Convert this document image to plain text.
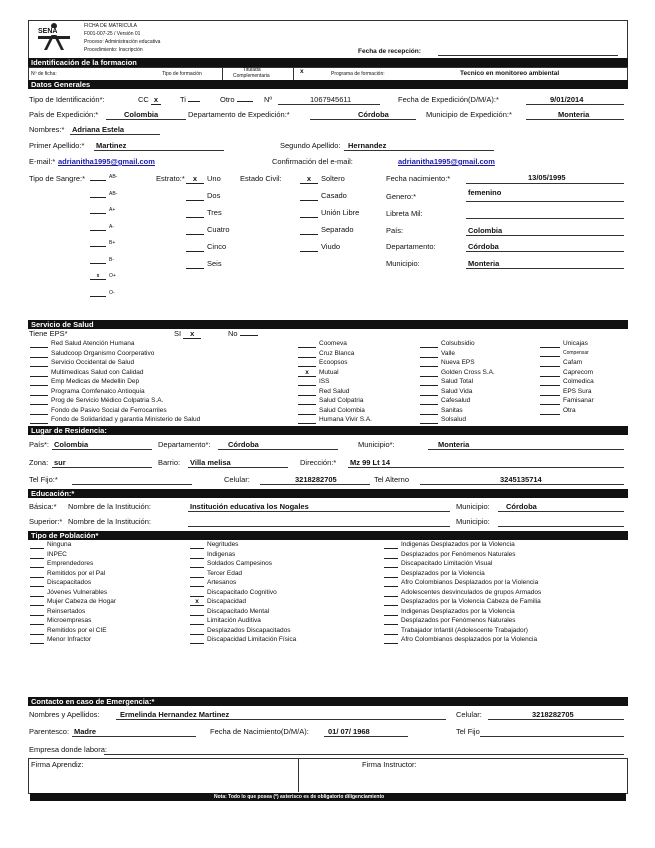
SENA
FICHA DE MATRICULA
F001-007-25 / Versión 01
Proceso: Administración educativa
Procedimiento: Inscripción	Fecha de recepción:
Identificación de la formacion
Nº de ficha:	Tipo de formación
Titulada
Complementaria
x	Programa de formación:	Tecnico en monitoreo ambiental
Datos Generales
Tipo de Identificación*:	CC x	Ti	Otro	Nº	1067945611	Fecha de Expedición(D/M/A):*	9/01/2014
País de Expedición:*	Colombia	Departamento de Expedición:*	Córdoba	Municipio de Expedición:*	Monteria
Nombres:* Adriana Estela
Primer Apellido:* Martinez	Segundo Apellido: Hernandez
E-mail:* adrianitha1995@gmail.com	Confirmación del e-mail:	adrianitha1995@gmail.com
Tipo de Sangre:*	Estrato:*	Estado Civil:	Fecha nacimiento:*	13/05/1995
Genero:*	femenino
Libreta Mil:
País:	Colombia
Departamento:	Córdoba
Municipio:	Monteria
Servicio de Salud
Tiene EPS*	SI x	No
Lugar de Residencia:
País*: Colombia	Departamento*: Córdoba	Municipio*:	Monteria
Zona: sur	Barrio: Villa melisa	Dirección:* Mz 99 Lt 14
Tel Fijo:*	Celular:	3218282705	Tel Alterno	3245135714
Educación:*
Básica:* Nombre de la Institución:	Institución educativa los Nogales	Municipio: Córdoba
Superior:* Nombre de la Institución:	Municipio:
Tipo de Población*
Contacto en caso de Emergencia:*
Nombres y Apellidos:	Ermelinda Hernandez Martinez	Celular:	3218282705
Parentesco: Madre	Fecha de Nacimiento(D/M/A):	01/ 07/ 1968	Tel Fijo
Empresa donde labora:
Firma Aprendiz:	Firma Instructor:
Nota: Todo lo que posea (*) asterisco es de obligatorio diligenciamiento
AB-
AB-
A+
A-
B+
B-
x O+
O-
x Uno
Dos
Tres
Cuatro
Cinco
Seis
x Soltero
Casado
Unión Libre
Separado
Viudo
Red Salud Atención Humana
Saludcoop Organismo Coorperativo
Servicio Occidental de Salud
Multimedicas Salud con Calidad
Emp Medicas de Medellin Dep
Programa Comfenalco Antioquia
Prog de Servicio Médico Colpatria S.A.
Fondo de Pasivo Social de Ferrocarriles
Fondo de Solidaridad y garantia Ministerio de Salud
Coomeva
Cruz Blanca
Ecoopsos
x Mutual
ISS
Red Salud
Salud Colpatria
Salud Colombia
Humana Vivir S.A.
Colsubsidio
Valle
Nueva EPS
Golden Cross S.A.
Salud Total
Salud Vida
Cafesalud
Sanitas
Solsalud
Unicajas
Compensar
Cafam
Caprecom
Colmedica
EPS Sura
Famisanar
Otra
Ninguna
INPEC
Emprendedores
Remitidos por el Pal
Discapacitados
Jóvenes Vulnerables
Mujer Cabeza de Hogar
Reinsertados
Microempresas
Remitidos por el CIE
Menor Infractor
Negritudes
Indigenas
Soldados Campesinos
Tercer Edad
Artesanos
Discapacitado Cognitivo
x Discapacidad
Discapacitado Mental
Limitación Auditiva
Desplazados Discapacitados
Discapacidad Limitación Física
Indigenas Desplazados por la Violencia
Desplazados por Fenómenos Naturales
Discapacitado Limitación Visual
Desplazados por la Violencia
Afro Colombianos Desplazados por la Violencia
Adolescentes desvinculados de grupos Armados
Desplazados por la Violencia Cabeza de Familia
Indigenas Desplazados por la Violencia
Desplazados por Fenómenos Naturales
Trabajador Infantil (Adolescente Trabajador)
Afro Colombianos desplazados por la Violencia
